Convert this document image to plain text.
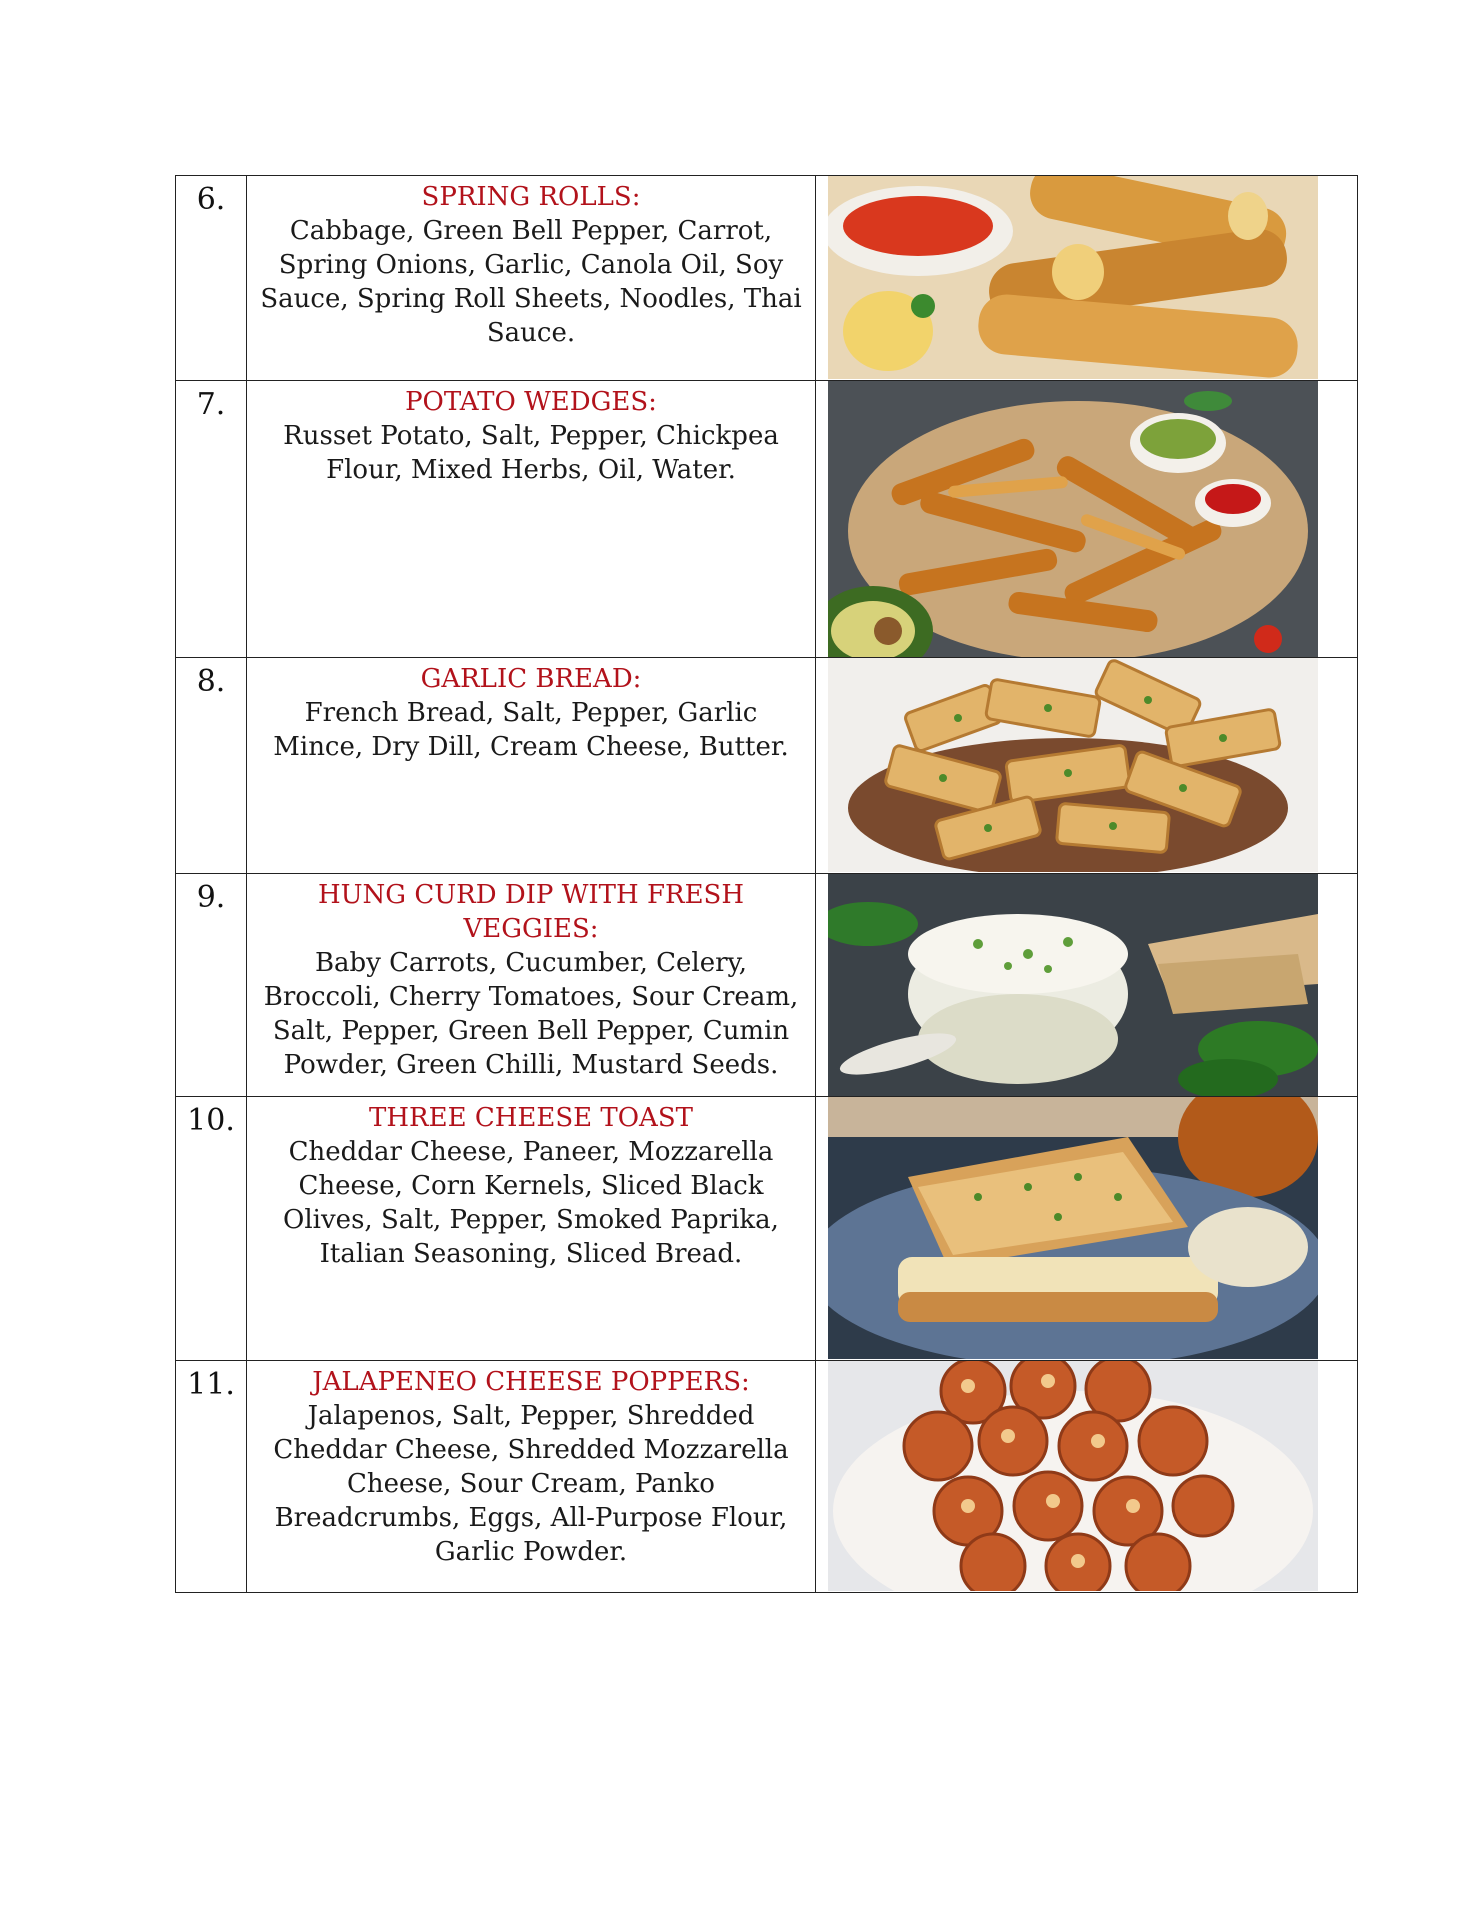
6.	SPRING ROLLS:
Cabbage, Green Bell Pepper, Carrot, Spring Onions, Garlic, Canola Oil, Soy Sauce, Spring Roll Sheets, Noodles, Thai Sauce.

7.	POTATO WEDGES:
Russet Potato, Salt, Pepper, Chickpea Flour, Mixed Herbs, Oil, Water.

8.	GARLIC BREAD:
French Bread, Salt, Pepper, Garlic Mince, Dry Dill, Cream Cheese, Butter.

9.	HUNG CURD DIP WITH FRESH VEGGIES:
Baby Carrots, Cucumber, Celery, Broccoli, Cherry Tomatoes, Sour Cream, Salt, Pepper, Green Bell Pepper, Cumin Powder, Green Chilli, Mustard Seeds.

10.	THREE CHEESE TOAST
Cheddar Cheese, Paneer, Mozzarella Cheese, Corn Kernels, Sliced Black Olives, Salt, Pepper, Smoked Paprika, Italian Seasoning, Sliced Bread.

11.	JALAPENEO CHEESE POPPERS:
Jalapenos, Salt, Pepper, Shredded Cheddar Cheese, Shredded Mozzarella Cheese, Sour Cream, Panko Breadcrumbs, Eggs, All-Purpose Flour, Garlic Powder.
